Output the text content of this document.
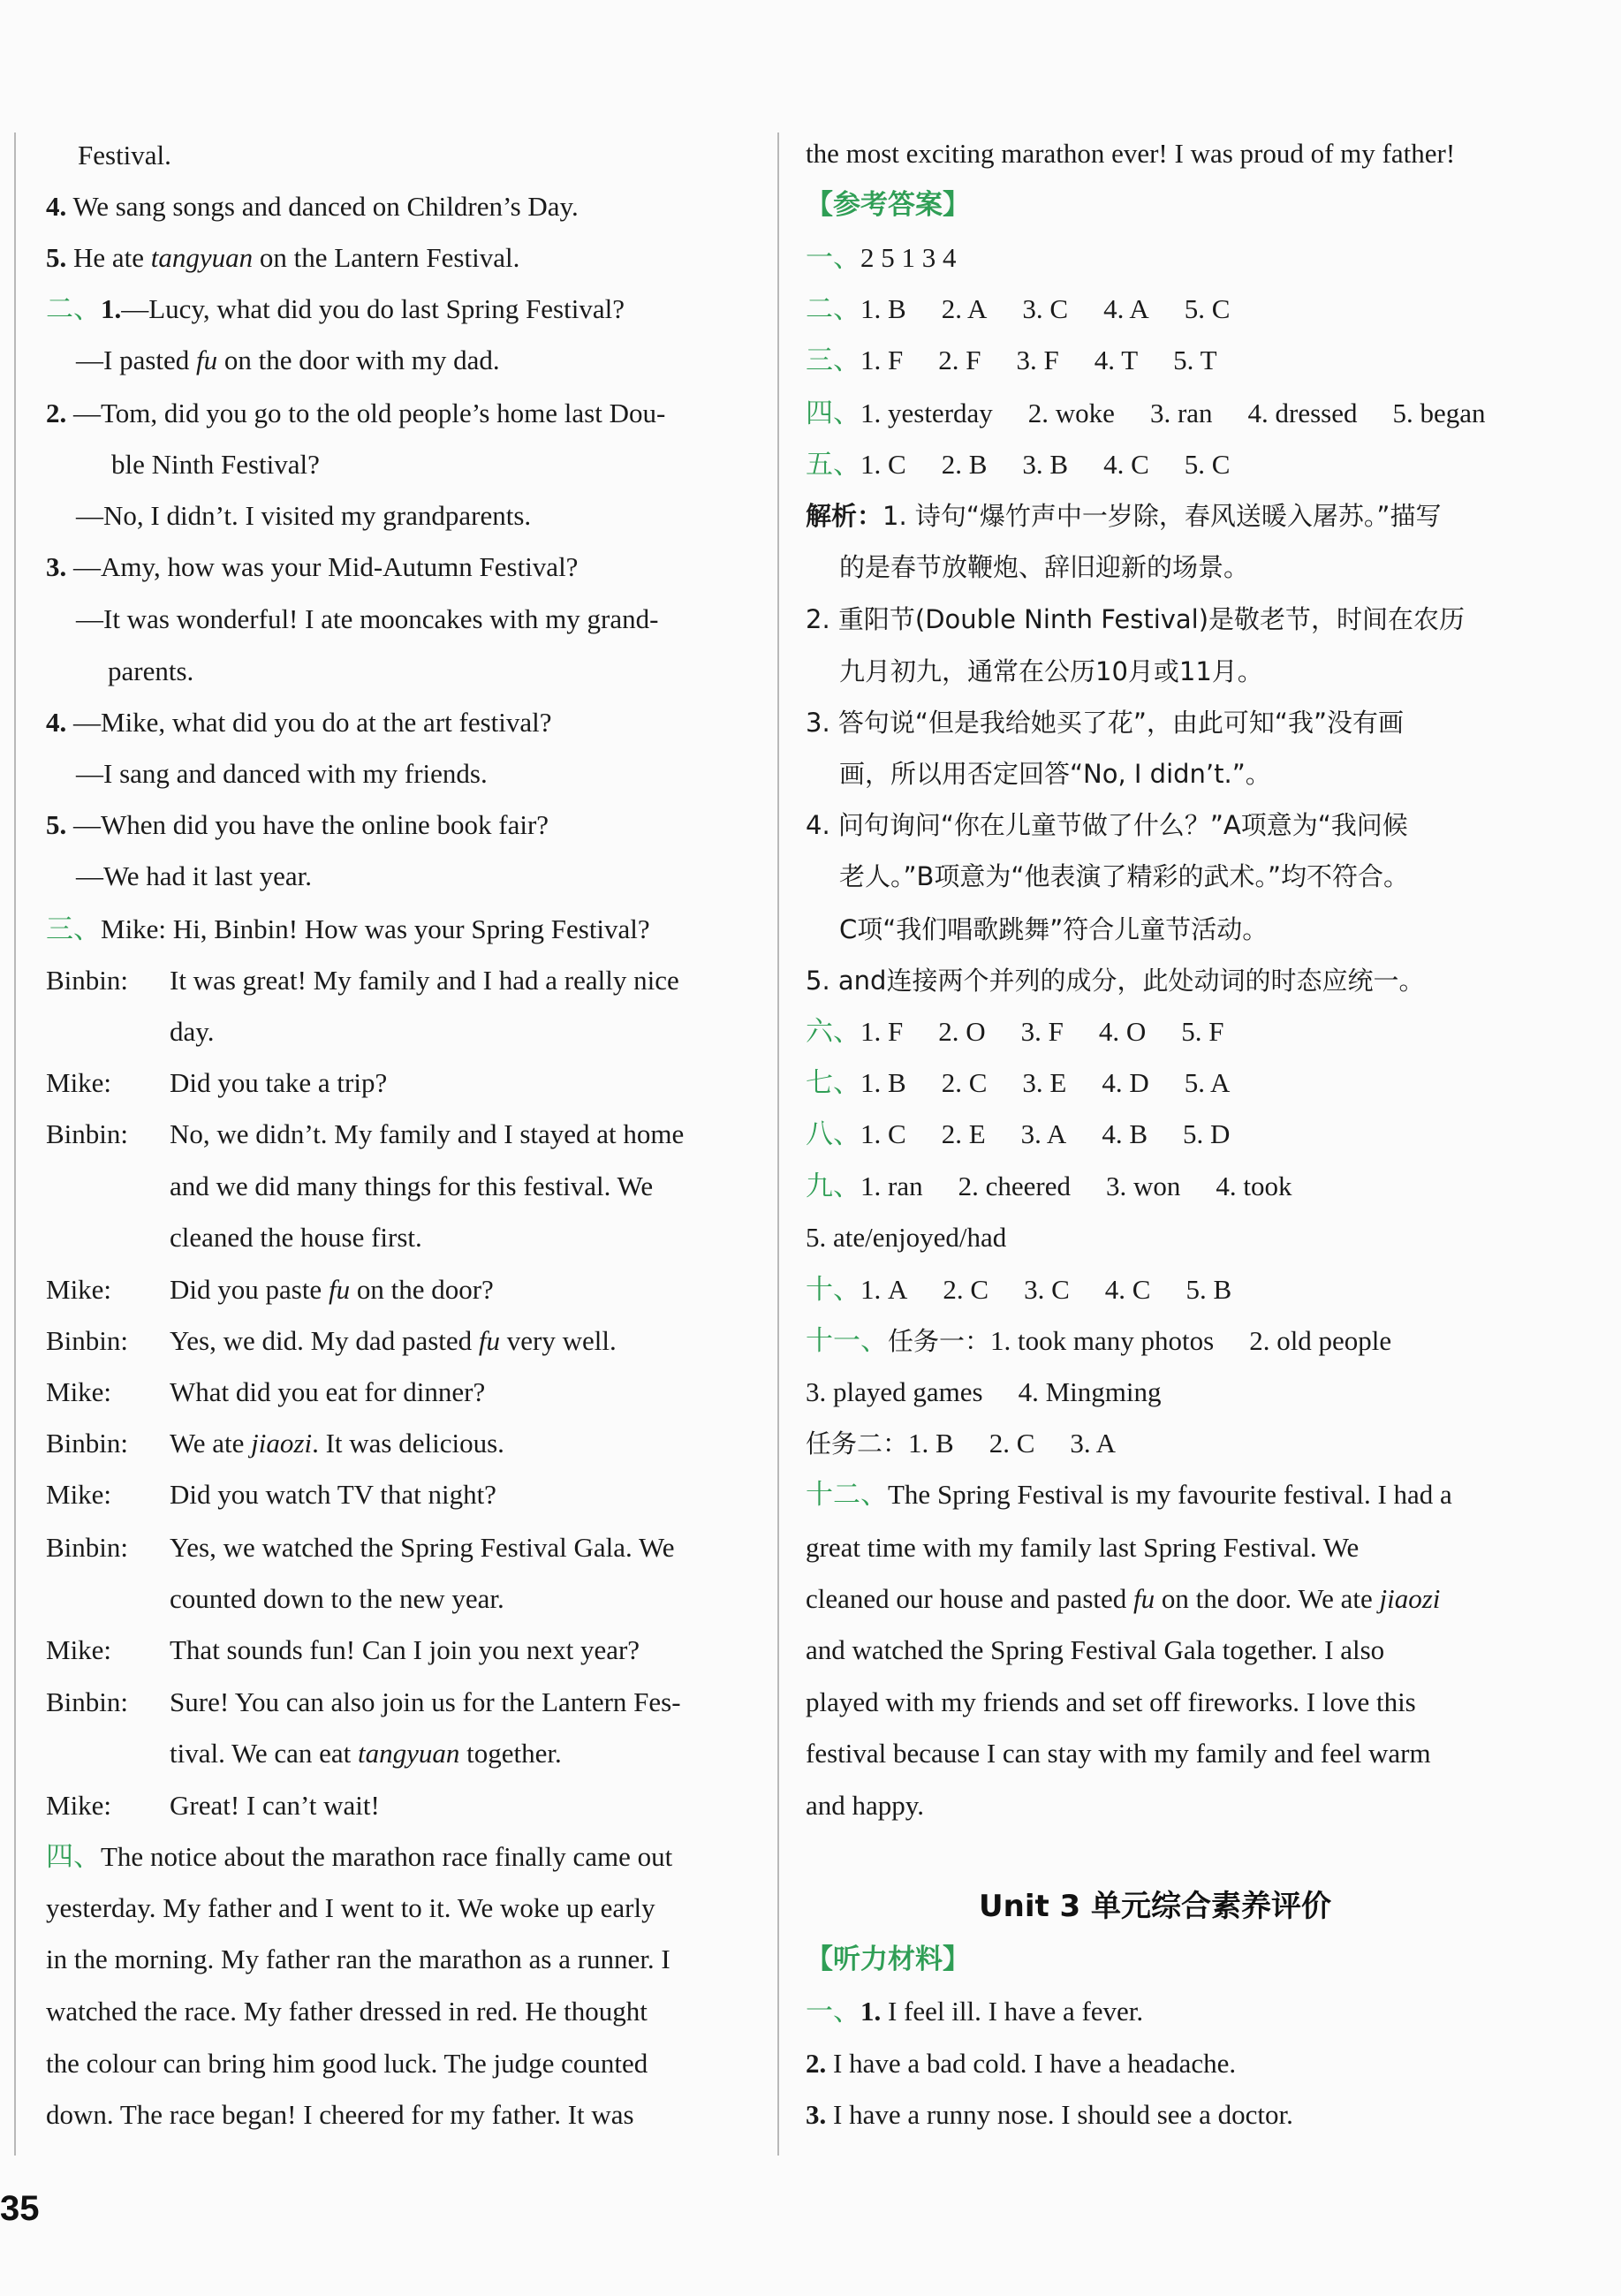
Festival.
4. We sang songs and danced on Children’s Day.
5. He ate tangyuan on the Lantern Festival.
二、1.—Lucy, what did you do last Spring Festival?
—I pasted fu on the door with my dad.
2. —Tom, did you go to the old people’s home last Dou-
ble Ninth Festival?
—No, I didn’t. I visited my grandparents.
3. —Amy, how was your Mid-Autumn Festival?
—It was wonderful! I ate mooncakes with my grand-
parents.
4. —Mike, what did you do at the art festival?
—I sang and danced with my friends.
5. —When did you have the online book fair?
—We had it last year.
三、Mike: Hi, Binbin! How was your Spring Festival?
Binbin: It was great! My family and I had a really nice
day.
Mike: Did you take a trip?
Binbin: No, we didn’t. My family and I stayed at home
and we did many things for this festival. We
cleaned the house first.
Mike: Did you paste fu on the door?
Binbin: Yes, we did. My dad pasted fu very well.
Mike: What did you eat for dinner?
Binbin: We ate jiaozi. It was delicious.
Mike: Did you watch TV that night?
Binbin: Yes, we watched the Spring Festival Gala. We
counted down to the new year.
Mike: That sounds fun! Can I join you next year?
Binbin: Sure! You can also join us for the Lantern Fes-
tival. We can eat tangyuan together.
Mike: Great! I can’t wait!
四、The notice about the marathon race finally came out
yesterday. My father and I went to it. We woke up early
in the morning. My father ran the marathon as a runner. I
watched the race. My father dressed in red. He thought
the colour can bring him good luck. The judge counted
down. The race began! I cheered for my father. It was
the most exciting marathon ever! I was proud of my father!
【参考答案】
一、2 5 1 3 4
二、1. B 2. A 3. C 4. A 5. C
三、1. F 2. F 3. F 4. T 5. T
四、1. yesterday 2. woke 3. ran 4. dressed 5. began
五、1. C 2. B 3. B 4. C 5. C
解析：1. 诗句“爆竹声中一岁除，春风送暖入屠苏。”描写
的是春节放鞭炮、辞旧迎新的场景。
2. 重阳节(Double Ninth Festival)是敬老节，时间在农历
九月初九，通常在公历10月或11月。
3. 答句说“但是我给她买了花”，由此可知“我”没有画
画，所以用否定回答“No, I didn’t.”。
4. 问句询问“你在儿童节做了什么？”A项意为“我问候
老人。”B项意为“他表演了精彩的武术。”均不符合。
C项“我们唱歌跳舞”符合儿童节活动。
5. and连接两个并列的成分，此处动词的时态应统一。
六、1. F 2. O 3. F 4. O 5. F
七、1. B 2. C 3. E 4. D 5. A
八、1. C 2. E 3. A 4. B 5. D
九、1. ran 2. cheered 3. won 4. took
5. ate/enjoyed/had
十、1. A 2. C 3. C 4. C 5. B
十一、任务一：1. took many photos 2. old people
3. played games 4. Mingming
任务二：1. B 2. C 3. A
十二、The Spring Festival is my favourite festival. I had a
great time with my family last Spring Festival. We
cleaned our house and pasted fu on the door. We ate jiaozi
and watched the Spring Festival Gala together. I also
played with my friends and set off fireworks. I love this
festival because I can stay with my family and feel warm
and happy.
Unit 3 单元综合素养评价
【听力材料】
一、1. I feel ill. I have a fever.
2. I have a bad cold. I have a headache.
3. I have a runny nose. I should see a doctor.
35
